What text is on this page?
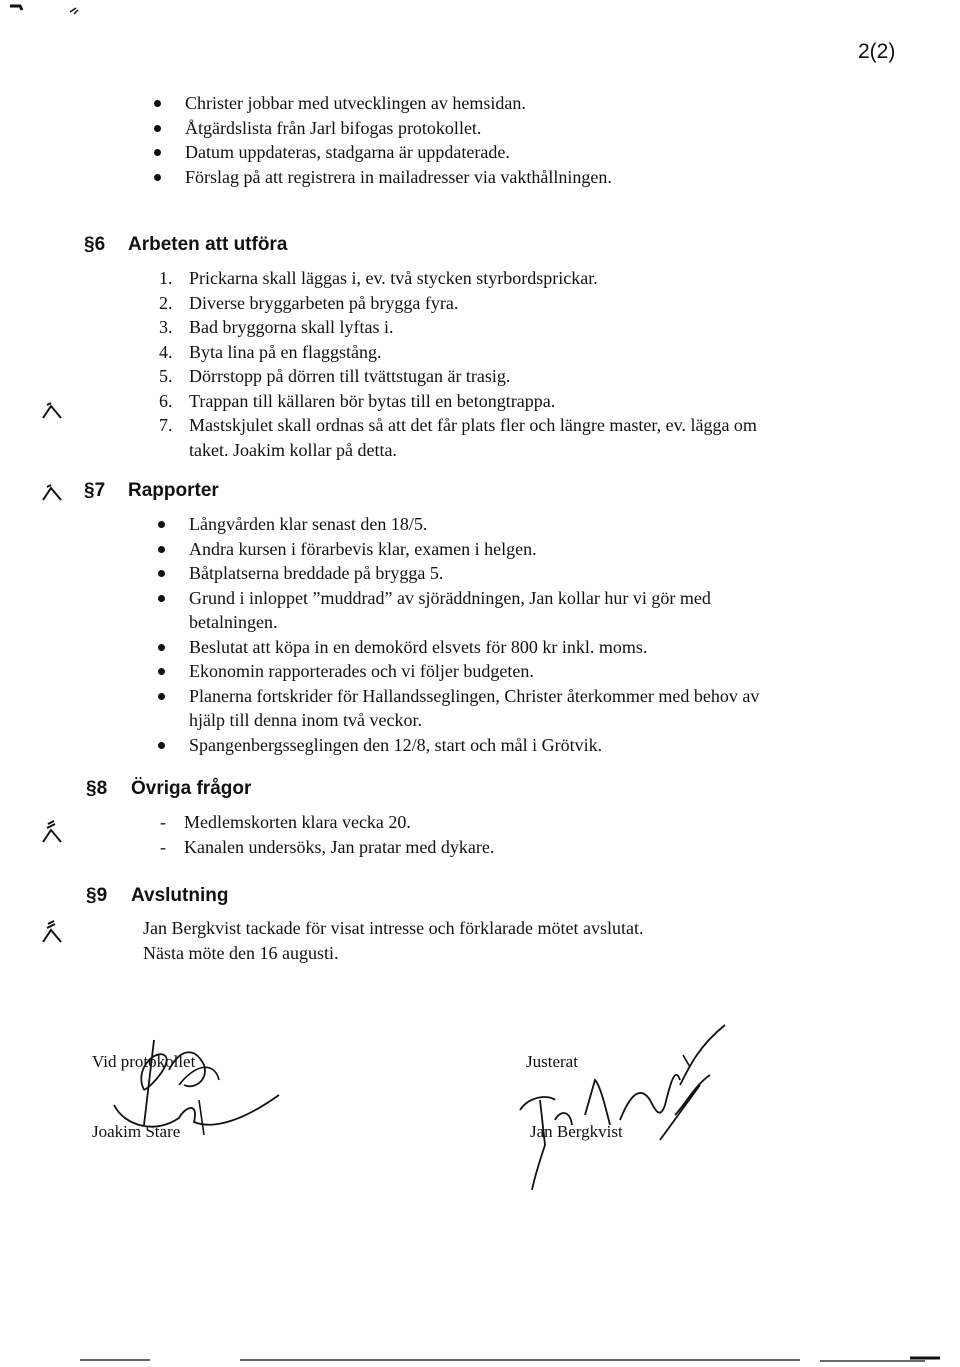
2(2)
Christer jobbar med utvecklingen av hemsidan.
Åtgärdslista från Jarl bifogas protokollet.
Datum uppdateras, stadgarna är uppdaterade.
Förslag på att registrera in mailadresser via vakthållningen.
§6 Arbeten att utföra
1. Prickarna skall läggas i, ev. två stycken styrbordsprickar.
2. Diverse bryggarbeten på brygga fyra.
3. Bad bryggorna skall lyftas i.
4. Byta lina på en flaggstång.
5. Dörrstopp på dörren till tvättstugan är trasig.
6. Trappan till källaren bör bytas till en betongtrappa.
7. Mastskjulet skall ordnas så att det får plats fler och längre master, ev. lägga om taket. Joakim kollar på detta.
§7 Rapporter
Långvården klar senast den 18/5.
Andra kursen i förarbevis klar, examen i helgen.
Båtplatserna breddade på brygga 5.
Grund i inloppet ”muddrad” av sjöräddningen, Jan kollar hur vi gör med betalningen.
Beslutat att köpa in en demokörd elsvets för 800 kr inkl. moms.
Ekonomin rapporterades och vi följer budgeten.
Planerna fortskrider för Hallandsseglingen, Christer återkommer med behov av hjälp till denna inom två veckor.
Spangenbergsseglingen den 12/8, start och mål i Grötvik.
§8 Övriga frågor
- Medlemskorten klara vecka 20.
- Kanalen undersöks, Jan pratar med dykare.
§9 Avslutning
Jan Bergkvist tackade för visat intresse och förklarade mötet avslutat.
Nästa möte den 16 augusti.
Vid protokollet
Joakim Stare
Justerat
Jan Bergkvist
